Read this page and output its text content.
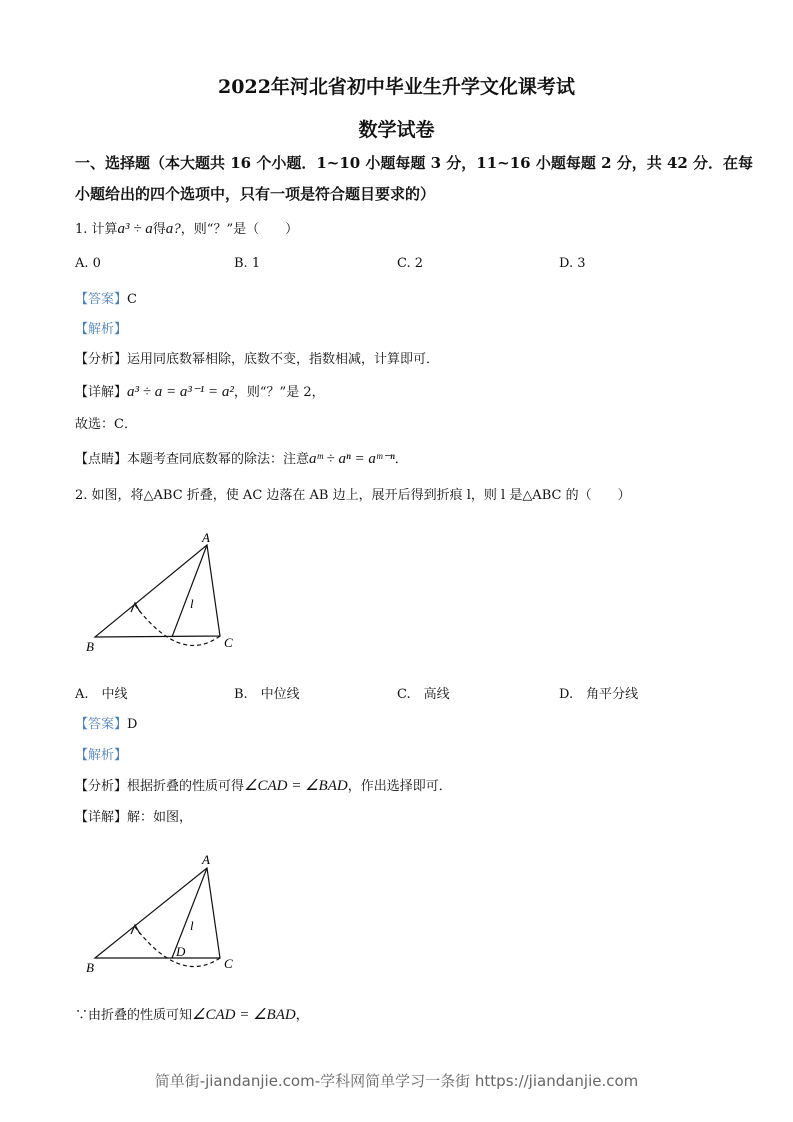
2022年河北省初中毕业生升学文化课考试
数学试卷
一、选择题（本大题共 16 个小题．1~10 小题每题 3 分，11~16 小题每题 2 分，共 42 分．在每
小题给出的四个选项中，只有一项是符合题目要求的）
1. 计算a³ ÷ a得a?，则“？”是（　　）
A. 0	B. 1	C. 2	D. 3
【答案】C
【解析】
【分析】运用同底数幂相除，底数不变，指数相减，计算即可．
【详解】a³ ÷ a = a³⁻¹ = a²，则“？”是 2，
故选：C．
【点睛】本题考查同底数幂的除法：注意aᵐ ÷ aⁿ = aᵐ⁻ⁿ．
2. 如图，将△ABC 折叠，使 AC 边落在 AB 边上，展开后得到折痕 l，则 l 是△ABC 的（　　）
A
B	C
l
A
B	C
l
D
A.　中线	B.　中位线	C.　高线	D.　角平分线
【答案】D
【解析】
【分析】根据折叠的性质可得∠CAD = ∠BAD，作出选择即可．
【详解】解：如图，
∵由折叠的性质可知∠CAD = ∠BAD，
简单街-jiandanjie.com-学科网简单学习一条街 https://jiandanjie.com
